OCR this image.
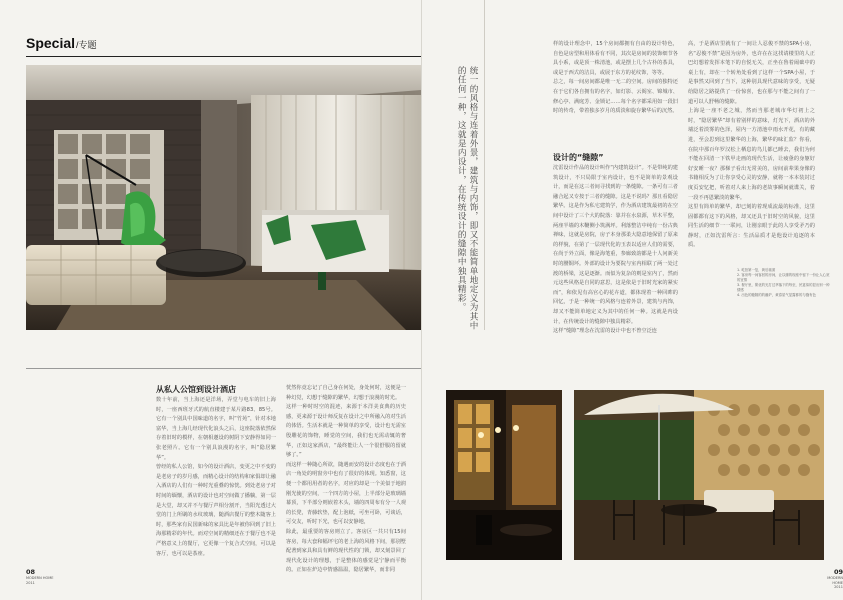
Special/专题
从私人公馆到设计酒店
数十年前，当上海还是洋场，弄堂与电车的旧上海时，一座西班牙式的航直楼建于某片路83、85号。它有一个别具中国味道的名字，叫“竹苑”，针对本地富华，当上海几经现代化浪头之后，这座院落依然保存着旧时的模样，在朝相邀设的树阴下安静得如同一张老照片。它有一个别具浪漫的名字，叫“隐居繁华”。
曾经的私人公馆，如今的设计酒店，变更之中不变的是老房子的岁月感，而精心设计的结构和家俱却让融入酒店的人们有一种时光重叠的惊恍。到处老房子对时间的缅懷，酒店的设计也对空间做了播躺，第一层是大堂，却又并不与餐厅声相分割开，当阳光透过大堂的门上所刷的水纹玻璃，随酒店餐厅的整木随客上时，那些家有民国新味的家具比是年被你回到了旧上海那精彩的年代。而对空间的精细还在于餐厅也不是严格意义上的餐厅，它更像一个复合式空间，可以是客厅，也可以是茶座。
恍然你竟忘记了自己身在何处，身处何时，这便是一种幻觉，幻想于缝隙的繁华，幻想于浪漫的时光。
这样一种时时空的混迹，来源于本洋美食典的历史感，更来源于设计师反复在设计之中所融入的对生活的体悟。生活本就是一种简单的享受，设计也无需室殷雕花的饰物，睡觉的空间，我们也无需动辄的奢华，正如这家酒店，“最终能让人一个很舒服的留就够了。”
而这样一种随心所欲，随遇而安的设计态度也在于酒店一角处的明窗旁中也有了很好的体现。知悉窗，这便一个都用用者的名字，对应的却是一个美似于地润刚光使的空间，一个四方的小屋，上半部分是玻璃墙幕顶，下半部分则嵌着木头，墙的四周布有分一人观的长凳，青藤软垫，配上泡纸，可坐可卧，可谈话，可交友，听时下光，也可以安静地，
除此，最重要的客房则立了。客房区一共只有15间客房，每大套和幅坪宅的老上海的风格下间，那别墅配著到家具和具有鲜的现代性的门锁，却又刻景回了现代化设计的理想，于是整体的感觉是宁静而平衡的。正如在炉边中情感温温，隐居繁华，而非同
08
MODERN HOME
2011
统一的风格与连着外景，建筑与内饰，即又不能简单地定义为其中的任何一种，这就是内设计，在传统设计的缝隙中独具精彩。
样的设计理念中，15个房间都拥有自由的设计特色，自色是房型和用体看有不同，其次是房间的装饰细节各具小系，或是顶一株清池，或是摆上几个古朴的茶具，或是于西式的洁具，或展于东方的花纹饰，等等。
总之，每一间房间都是唯一无二的空间。房间的独特还在于它们各自拥有的名字，如灯影、云阁室、锦城市、修心亭、满庭芳、金锁记……每个名字都采用如一段旧时的传奇，带着独多岁月的质淡和旋存繁华后的沉然。
设计的“缝隙”
沈雷设计作品的设计叫作“内建筑设计”。不是带纯的建筑设计，不只局限于室内设计，也不是简单的景观设计，而是在这三者间寻找到的一条缝隙。一条可有三者融合起又专按于三者的缝隙。这是不说吗？那且看隐居繁华。这是作为私宅建筑学，作为酒店建筑最初的在空间中设计了三个大的院落：靠并在水泉源，草木平整，两座半墙的木鞭侧小筑满坪。利落整洁中纯有一份古典禅味，这就是房院，房子本身那柔大隐意地保留了原来的样貌，在第了一层现代化的玉表以适应人们的需要，在尚于外立面，像是海笔重，参廊致韵都是十人问新美时的腰铜坏。外部的设计为要院与室内相联了两一处过渡的桥梁，这是逐渐。而似为复杂的则是室内了，然而元这些风格是自同的意思，这是依是于旧时光家的紧实而“，和依见有高官心的花卉道，都体现着一种回眸的回忆，于是一种统一的风格与连着外景，建筑与内饰，却又不能简单地定义为其中的任何一种。这就是内设计，在传统设计的缝隙中独具精彩。
这样“缝隙”理念在沈雷的设计中也不曾空泛连
高，于是酒店里就有了一间让人忍俊不禁的SPA小房，名“忍俊不禁”是因为房外，也许在在这找请楼里的人正巴幻想着发挥本笔下的自悦无关，正坐在鲁着闹础中的桌上有，却在一个转角处看到了这样一个SPA小屋，于是事然又回到了当下，这种别具现代意味的享受，无疑给隐居之路提供了一份惊喜，也在那与不能之间有了一道可以人舒畅的缝隙。
上海是一座不老之城，然而当那老城市华灯初上之时，“隐居繁华”却有着别样的意味，灯光下，酒店的外墙泛着淡雾的色泽，屋内一方清池中雨水开花，有的藏进，至会思到这里繁华的上海，繁华的味汇监？你看，在院中那百年罗汉松上栖息的鸟儿都已睡去，我们为何不能在回清一下铁甲走画的现代生活，让疲惫的身躯好好安睡一夜？那梯子看出无常美的，房间前辈果身像的书籍相反为了让你享受心灵的安静，就将一本本装封过度页安忆把，听着对人来上海的老故事瞬间就谍关，着一段不再恩繁淡的繁华。
这里有简单的繁华，却已刻的着现成流最的标准，这里固都都有这下的风格，却又还具于旧时空的风貌，这里同生活的细节一一联问，让刚亲眼于此的人享受矛乃的静时，正如沈雷所言：生活品质才是他设计追逐的本质。
1. 屹拍第一复，黄后墙面
2. 客房每一间客回的房间，让以缠的现座中留下一份让人心宽的宜情
3. 餐厅里，繁优的光打过萃落下的每至，民宴似的显出别一种情感
4. 出色的缝隙的的藤炉，黄春星气显露都的与缝有色
09
MODERN HOME
2011
